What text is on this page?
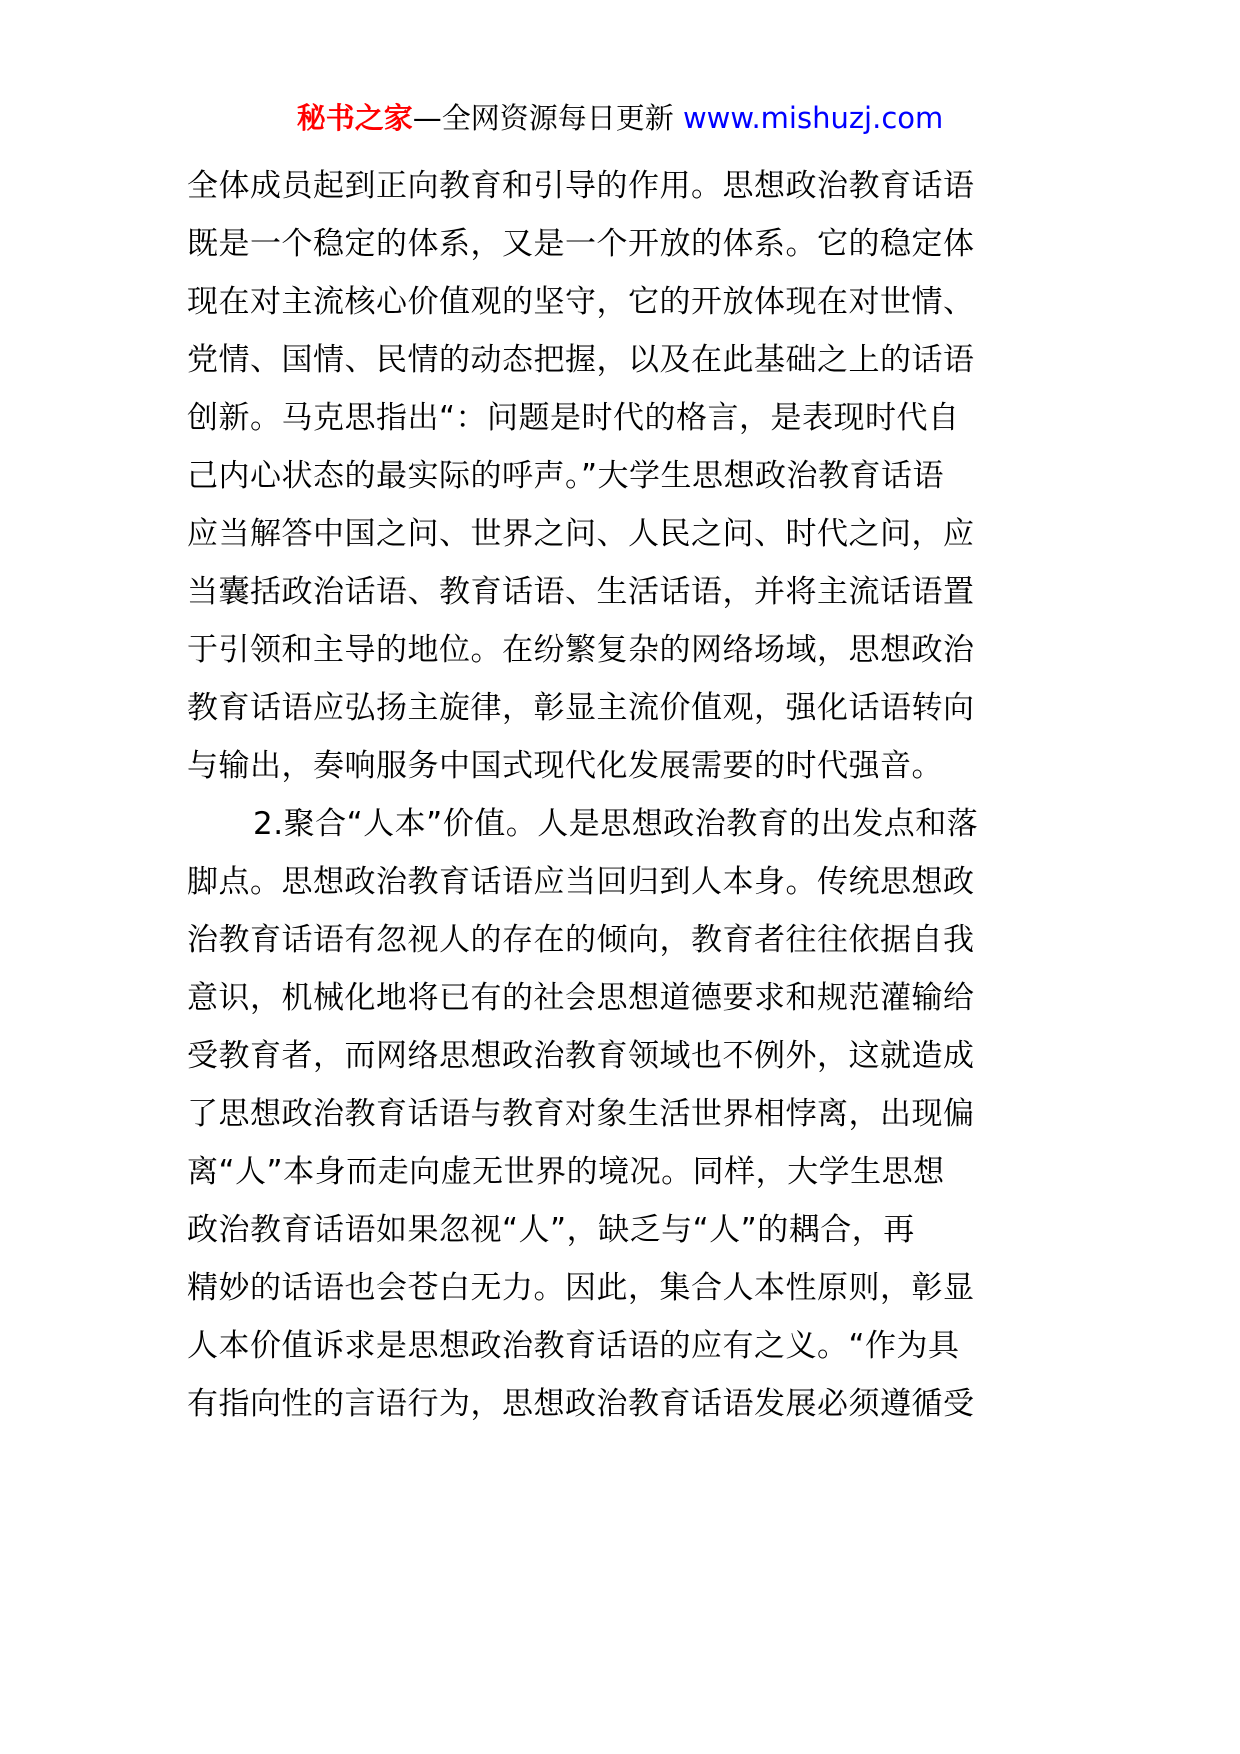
秘书之家—全网资源每日更新 www.mishuzj.com
全体成员起到正向教育和引导的作用。思想政治教育话语
既是一个稳定的体系，又是一个开放的体系。它的稳定体
现在对主流核心价值观的坚守，它的开放体现在对世情、
党情、国情、民情的动态把握，以及在此基础之上的话语
创新。马克思指出“：问题是时代的格言，是表现时代自
己内心状态的最实际的呼声。”大学生思想政治教育话语
应当解答中国之问、世界之问、人民之问、时代之问，应
当囊括政治话语、教育话语、生活话语，并将主流话语置
于引领和主导的地位。在纷繁复杂的网络场域，思想政治
教育话语应弘扬主旋律，彰显主流价值观，强化话语转向
与输出，奏响服务中国式现代化发展需要的时代强音。
2.聚合“人本”价值。人是思想政治教育的出发点和落
脚点。思想政治教育话语应当回归到人本身。传统思想政
治教育话语有忽视人的存在的倾向，教育者往往依据自我
意识，机械化地将已有的社会思想道德要求和规范灌输给
受教育者，而网络思想政治教育领域也不例外，这就造成
了思想政治教育话语与教育对象生活世界相悖离，出现偏
离“人”本身而走向虚无世界的境况。同样，大学生思想
政治教育话语如果忽视“人”，缺乏与“人”的耦合，再
精妙的话语也会苍白无力。因此，集合人本性原则，彰显
人本价值诉求是思想政治教育话语的应有之义。“作为具
有指向性的言语行为，思想政治教育话语发展必须遵循受
